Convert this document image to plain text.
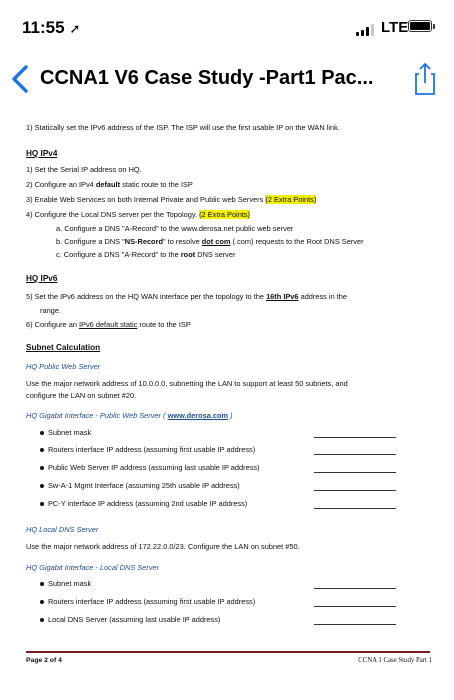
11:55 ➚	LTE
CCNA1 V6 Case Study -Part1 Pac...
1) Statically set the IPv6 address of the ISP. The ISP will use the first usable IP on the WAN link.
HQ IPv4
1) Set the Serial IP address on HQ.
2) Configure an IPv4 default static route to the ISP
3) Enable Web Services on both Internal Private and Public web Servers (2 Extra Points)
4) Configure the Local DNS server per the Topology. (2 Extra Points)
a. Configure a DNS "A-Record" to the www.derosa.net public web server
b. Configure a DNS "NS-Record" to resolve dot com (.com) requests to the Root DNS Server
c. Configure a DNS "A-Record" to the root DNS server
HQ IPv6
5) Set the IPv6 address on the HQ WAN interface per the topology to the 16th IPv6 address in the
range.
6) Configure an IPv6 default static route to the ISP
Subnet Calculation
HQ Public Web Server
Use the major network address of 10.0.0.0, subnetting the LAN to support at least 50 subnets, and
configure the LAN on subnet #20.
HQ Gigabit Interface - Public Web Server ( www.derosa.com )
Subnet mask
Routers interface IP address (assuming first usable IP address)
Public Web Server IP address (assuming last usable IP address)
Sw-A-1 Mgmt Interface (assuming 25th usable IP address)
PC-Y interface IP address (assuming 2nd usable IP address)
HQ Local DNS Server
Use the major network address of 172.22.0.0/23. Configure the LAN on subnet #50.
HQ Gigabit Interface - Local DNS Server
Subnet mask
Routers interface IP address (assuming first usable IP address)
Local DNS Server (assuming last usable IP address)
Page 2 of 4	CCNA 1 Case Study Part 1
